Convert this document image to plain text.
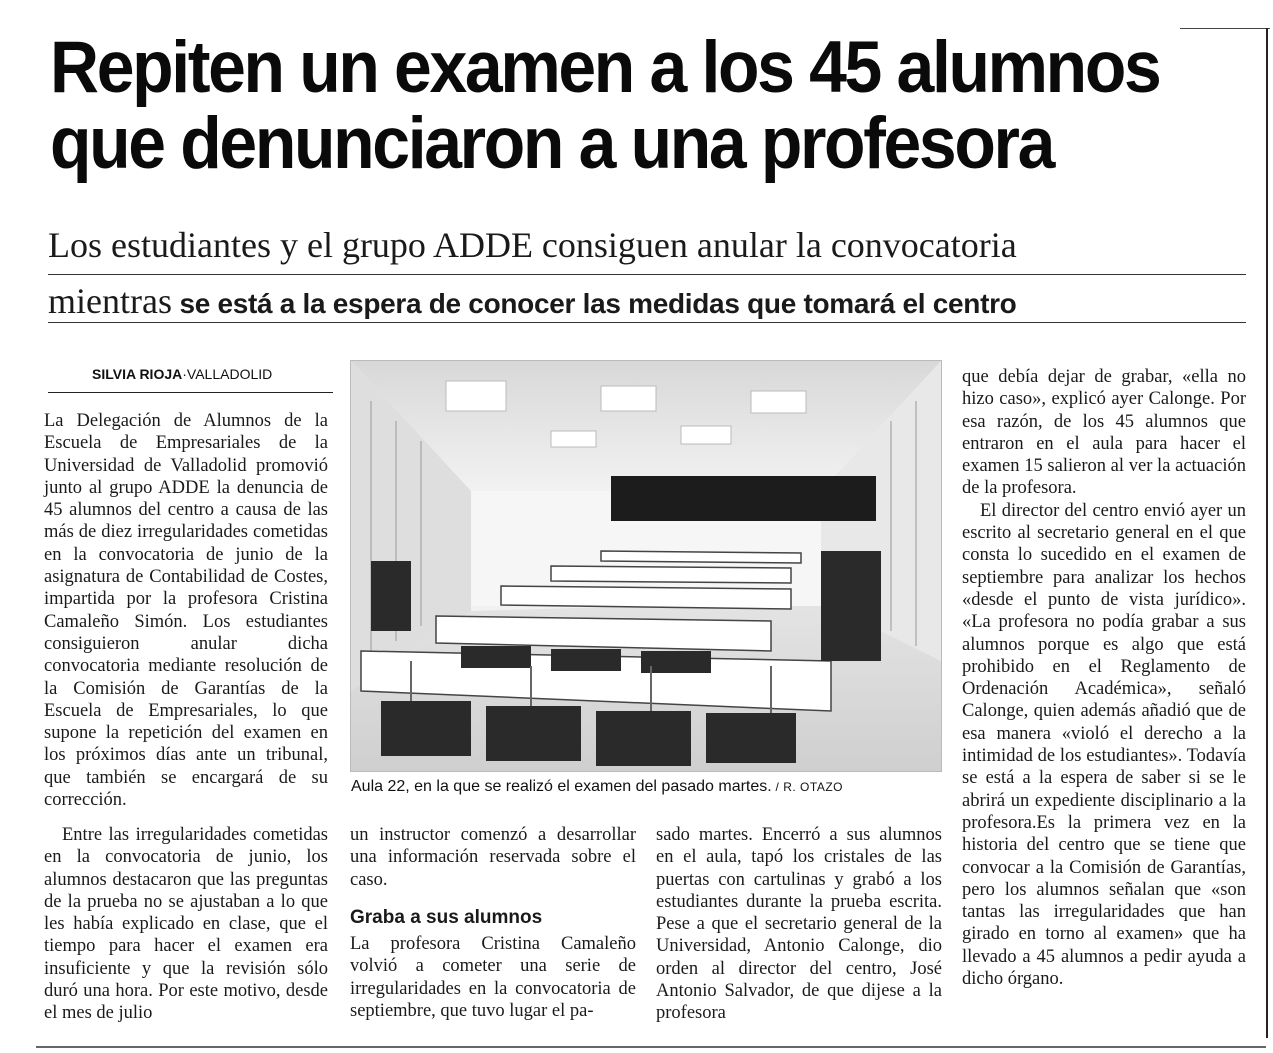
Repiten un examen a los 45 alumnos
que denunciaron a una profesora
Los estudiantes y el grupo ADDE consiguen anular la convocatoria
mientras se está a la espera de conocer las medidas que tomará el centro
SILVIA RIOJA·VALLADOLID

La Delegación de Alumnos de la Escuela de Empresariales de la Universidad de Valladolid promovió junto al grupo ADDE la denuncia de 45 alumnos del centro a causa de las más de diez irregularidades cometidas en la convocatoria de junio de la asignatura de Contabilidad de Costes, impartida por la profesora Cristina Camaleño Simón. Los estudiantes consiguieron anular dicha convocatoria mediante resolución de la Comisión de Garantías de la Escuela de Empresariales, lo que supone la repetición del examen en los próximos días ante un tribunal, que también se encargará de su corrección.

Entre las irregularidades cometidas en la convocatoria de junio, los alumnos destacaron que las preguntas de la prueba no se ajustaban a lo que les había explicado en clase, que el tiempo para hacer el examen era insuficiente y que la revisión sólo duró una hora. Por este motivo, desde el mes de julio

Aula 22, en la que se realizó el examen del pasado martes. / R. OTAZO

un instructor comenzó a desarrollar una información reservada sobre el caso.

Graba a sus alumnos

La profesora Cristina Camaleño volvió a cometer una serie de irregularidades en la convocatoria de septiembre, que tuvo lugar el pa-

sado martes. Encerró a sus alumnos en el aula, tapó los cristales de las puertas con cartulinas y grabó a los estudiantes durante la prueba escrita. Pese a que el secretario general de la Universidad, Antonio Calonge, dio orden al director del centro, José Antonio Salvador, de que dijese a la profesora

que debía dejar de grabar, «ella no hizo caso», explicó ayer Calonge. Por esa razón, de los 45 alumnos que entraron en el aula para hacer el examen 15 salieron al ver la actuación de la profesora.

El director del centro envió ayer un escrito al secretario general en el que consta lo sucedido en el examen de septiembre para analizar los hechos «desde el punto de vista jurídico». «La profesora no podía grabar a sus alumnos porque es algo que está prohibido en el Reglamento de Ordenación Académica», señaló Calonge, quien además añadió que de esa manera «violó el derecho a la intimidad de los estudiantes». Todavía se está a la espera de saber si se le abrirá un expediente disciplinario a la profesora.Es la primera vez en la historia del centro que se tiene que convocar a la Comisión de Garantías, pero los alumnos señalan que «son tantas las irregularidades que han girado en torno al examen» que ha llevado a 45 alumnos a pedir ayuda a dicho órgano.
